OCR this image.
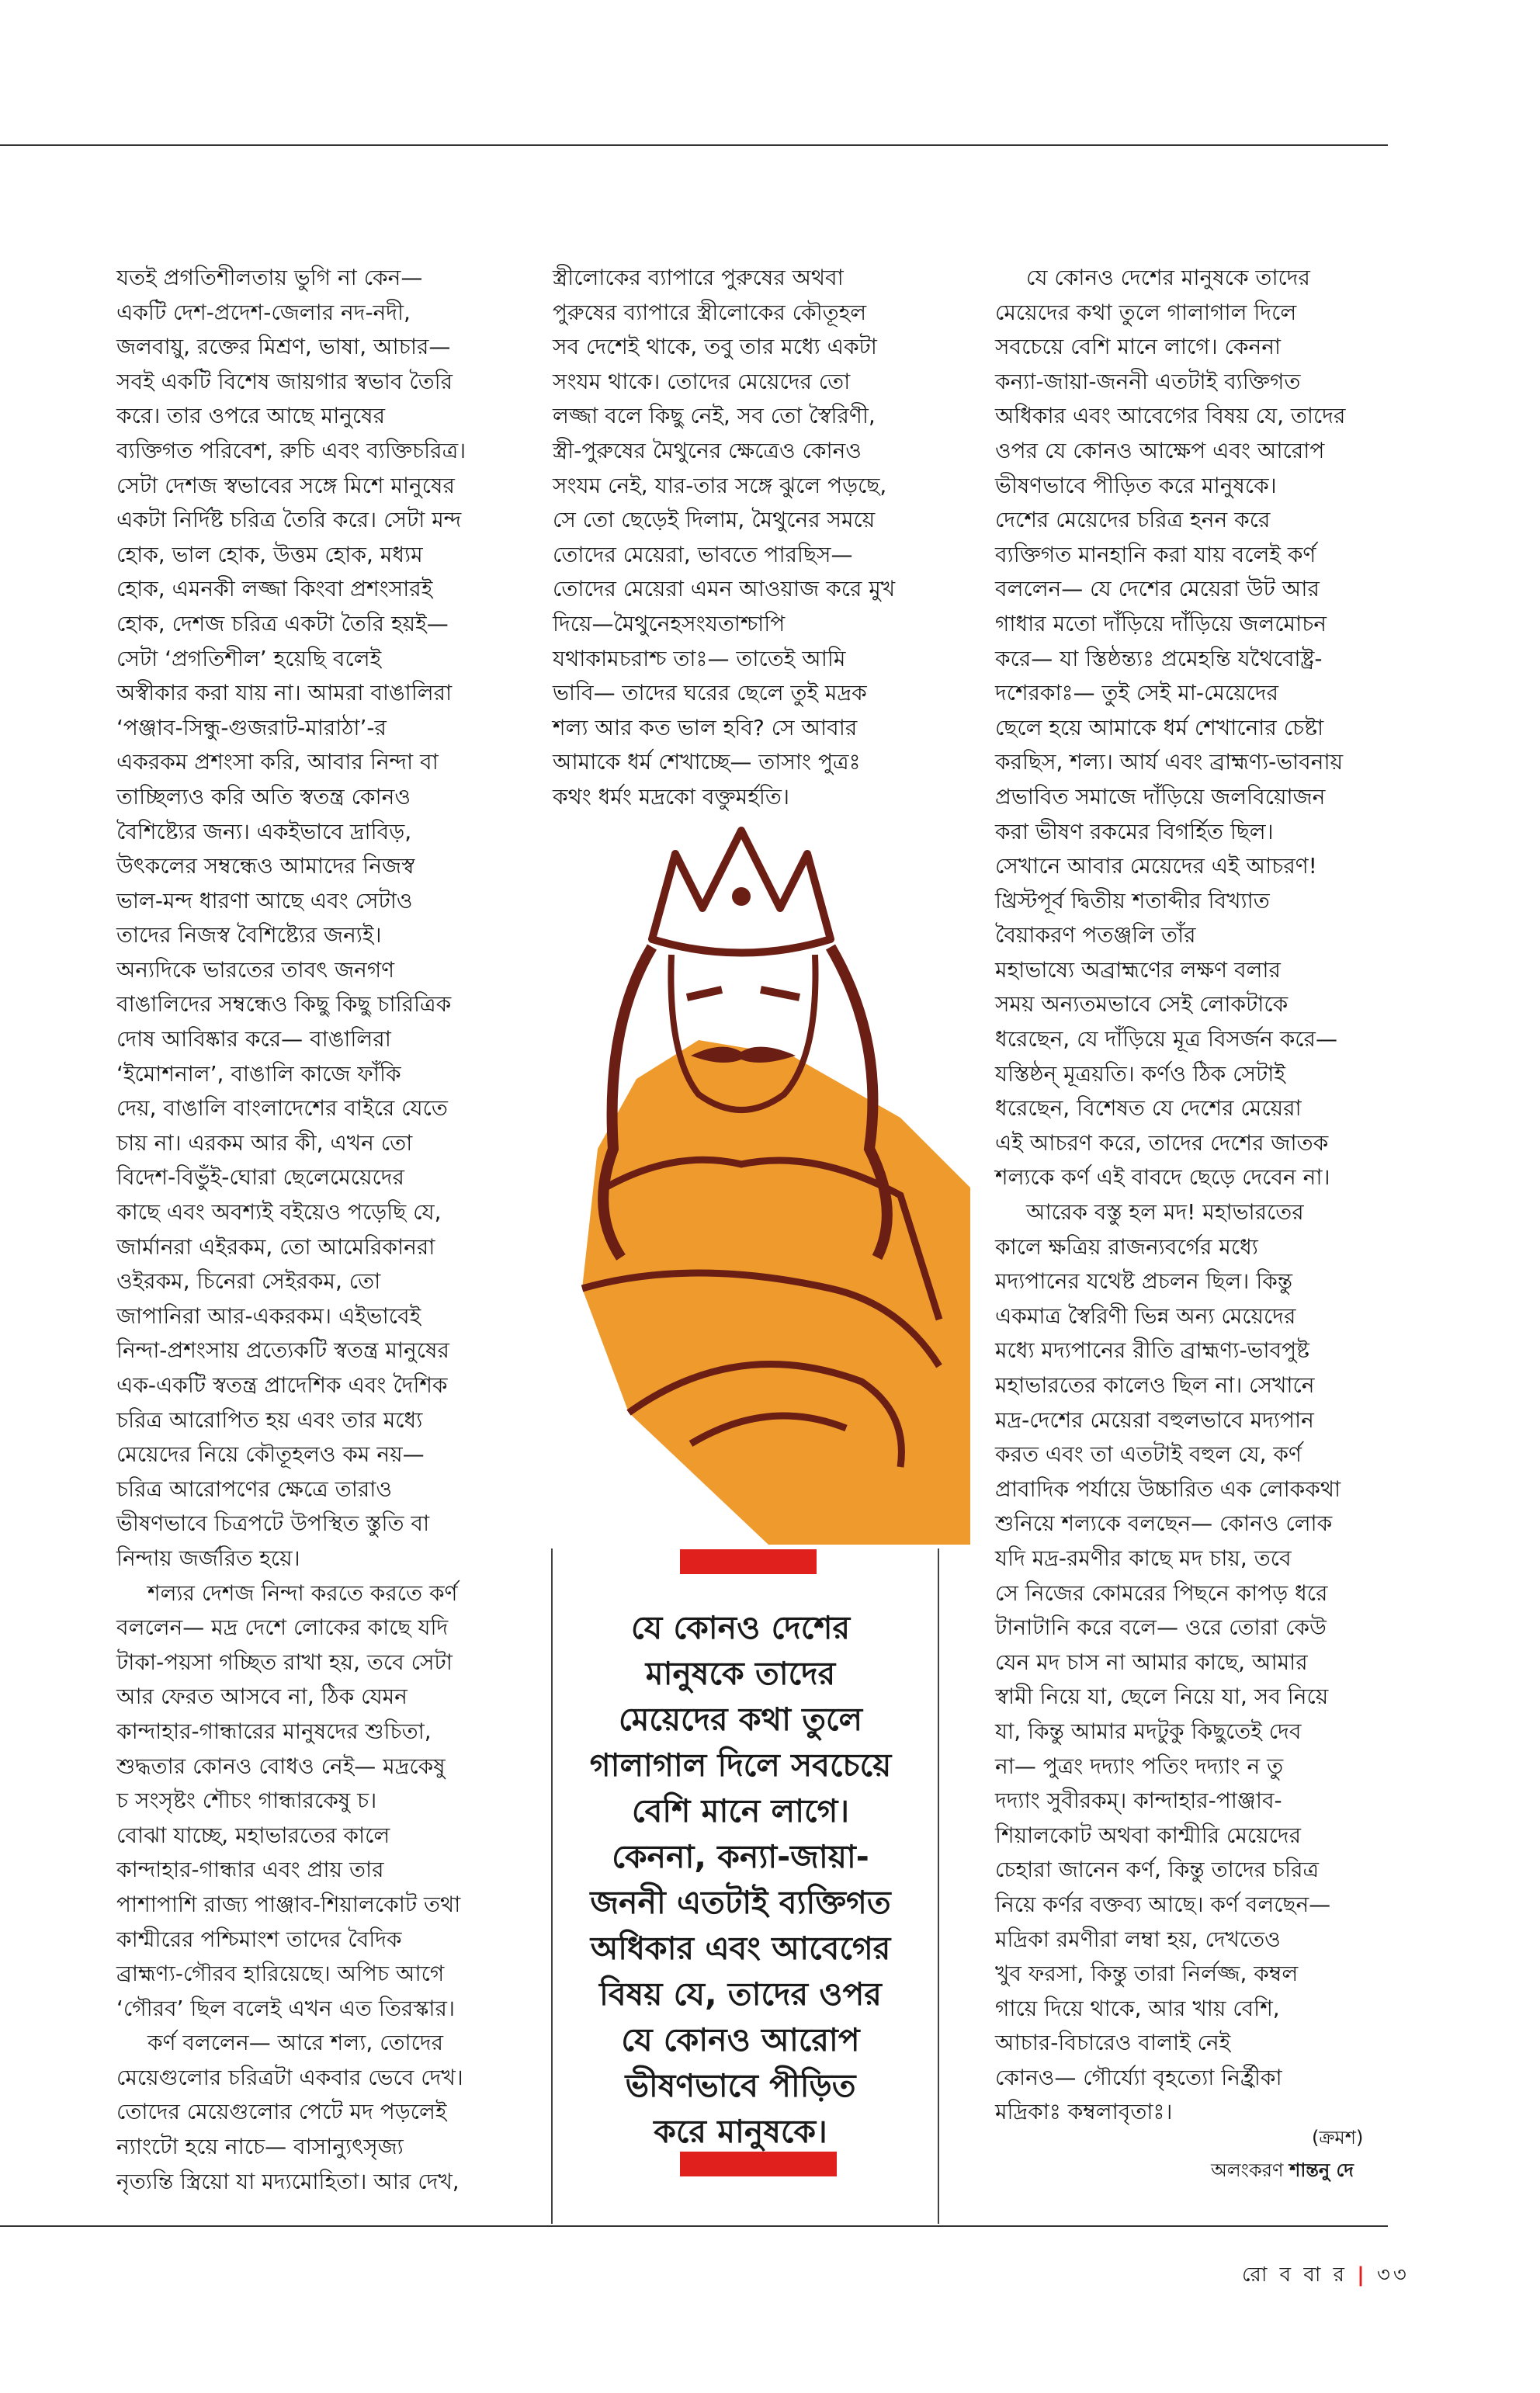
যতই প্রগতিশীলতায় ভুগি না কেন—

একটি দেশ-প্রদেশ-জেলার নদ-নদী,

জলবায়ু, রক্তের মিশ্রণ, ভাষা, আচার—

সবই একটি বিশেষ জায়গার স্বভাব তৈরি

করে। তার ওপরে আছে মানুষের

ব্যক্তিগত পরিবেশ, রুচি এবং ব্যক্তিচরিত্র।

সেটা দেশজ স্বভাবের সঙ্গে মিশে মানুষের

একটা নির্দিষ্ট চরিত্র তৈরি করে। সেটা মন্দ

হোক, ভাল হোক, উত্তম হোক, মধ্যম

হোক, এমনকী লজ্জা কিংবা প্রশংসারই

হোক, দেশজ চরিত্র একটা তৈরি হয়ই—

সেটা ‘প্রগতিশীল’ হয়েছি বলেই

অস্বীকার করা যায় না। আমরা বাঙালিরা

‘পঞ্জাব-সিন্ধু-গুজরাট-মারাঠা’-র

একরকম প্রশংসা করি, আবার নিন্দা বা

তাচ্ছিল্যও করি অতি স্বতন্ত্র কোনও

বৈশিষ্ট্যের জন্য। একইভাবে দ্রাবিড়,

উৎকলের সম্বন্ধেও আমাদের নিজস্ব

ভাল-মন্দ ধারণা আছে এবং সেটাও

তাদের নিজস্ব বৈশিষ্ট্যের জন্যই।

অন্যদিকে ভারতের তাবৎ জনগণ

বাঙালিদের সম্বন্ধেও কিছু কিছু চারিত্রিক

দোষ আবিষ্কার করে— বাঙালিরা

‘ইমোশনাল’, বাঙালি কাজে ফাঁকি

দেয়, বাঙালি বাংলাদেশের বাইরে যেতে

চায় না। এরকম আর কী, এখন তো

বিদেশ-বিভুঁই-ঘোরা ছেলেমেয়েদের

কাছে এবং অবশ্যই বইয়েও পড়েছি যে,

জার্মানরা এইরকম, তো আমেরিকানরা

ওইরকম, চিনেরা সেইরকম, তো

জাপানিরা আর-একরকম। এইভাবেই

নিন্দা-প্রশংসায় প্রত্যেকটি স্বতন্ত্র মানুষের

এক-একটি স্বতন্ত্র প্রাদেশিক এবং দৈশিক

চরিত্র আরোপিত হয় এবং তার মধ্যে

মেয়েদের নিয়ে কৌতূহলও কম নয়—

চরিত্র আরোপণের ক্ষেত্রে তারাও

ভীষণভাবে চিত্রপটে উপস্থিত স্তুতি বা

নিন্দায় জর্জরিত হয়ে।

শল্যর দেশজ নিন্দা করতে করতে কর্ণ

বললেন— মদ্র দেশে লোকের কাছে যদি

টাকা-পয়সা গচ্ছিত রাখা হয়, তবে সেটা

আর ফেরত আসবে না, ঠিক যেমন

কান্দাহার-গান্ধারের মানুষদের শুচিতা,

শুদ্ধতার কোনও বোধও নেই— মদ্রকেষু

চ সংসৃষ্টং শৌচং গান্ধারকেষু চ।

বোঝা যাচ্ছে, মহাভারতের কালে

কান্দাহার-গান্ধার এবং প্রায় তার

পাশাপাশি রাজ্য পাঞ্জাব-শিয়ালকোট তথা

কাশ্মীরের পশ্চিমাংশ তাদের বৈদিক

ব্রাহ্মণ্য-গৌরব হারিয়েছে। অপিচ আগে

‘গৌরব’ ছিল বলেই এখন এত তিরস্কার।

কর্ণ বললেন— আরে শল্য, তোদের

মেয়েগুলোর চরিত্রটা একবার ভেবে দেখ।

তোদের মেয়েগুলোর পেটে মদ পড়লেই

ন্যাংটো হয়ে নাচে— বাসান্যুৎসৃজ্য

নৃত্যন্তি স্ত্রিয়ো যা মদ্যমোহিতা। আর দেখ,

স্ত্রীলোকের ব্যাপারে পুরুষের অথবা

পুরুষের ব্যাপারে স্ত্রীলোকের কৌতূহল

সব দেশেই থাকে, তবু তার মধ্যে একটা

সংযম থাকে। তোদের মেয়েদের তো

লজ্জা বলে কিছু নেই, সব তো স্বৈরিণী,

স্ত্রী-পুরুষের মৈথুনের ক্ষেত্রেও কোনও

সংযম নেই, যার-তার সঙ্গে ঝুলে পড়ছে,

সে তো ছেড়েই দিলাম, মৈথুনের সময়ে

তোদের মেয়েরা, ভাবতে পারছিস—

তোদের মেয়েরা এমন আওয়াজ করে মুখ

দিয়ে—মৈথুনেহসংযতাশ্চাপি

যথাকামচরাশ্চ তাঃ— তাতেই আমি

ভাবি— তাদের ঘরের ছেলে তুই মদ্রক

শল্য আর কত ভাল হবি? সে আবার

আমাকে ধর্ম শেখাচ্ছে— তাসাং পুত্রঃ

কথং ধর্মং মদ্রকো বক্তুমর্হতি।

যে কোনও দেশের মানুষকে তাদের

মেয়েদের কথা তুলে গালাগাল দিলে

সবচেয়ে বেশি মানে লাগে। কেননা

কন্যা-জায়া-জননী এতটাই ব্যক্তিগত

অধিকার এবং আবেগের বিষয় যে, তাদের

ওপর যে কোনও আক্ষেপ এবং আরোপ

ভীষণভাবে পীড়িত করে মানুষকে।

দেশের মেয়েদের চরিত্র হনন করে

ব্যক্তিগত মানহানি করা যায় বলেই কর্ণ

বললেন— যে দেশের মেয়েরা উট আর

গাধার মতো দাঁড়িয়ে দাঁড়িয়ে জলমোচন

করে— যা স্তিষ্ঠন্ত্যঃ প্রমেহন্তি যথৈবোষ্ট্র-

দশেরকাঃ— তুই সেই মা-মেয়েদের

ছেলে হয়ে আমাকে ধর্ম শেখানোর চেষ্টা

করছিস, শল্য। আর্য এবং ব্রাহ্মণ্য-ভাবনায়

প্রভাবিত সমাজে দাঁড়িয়ে জলবিয়োজন

করা ভীষণ রকমের বিগর্হিত ছিল।

সেখানে আবার মেয়েদের এই আচরণ!

খ্রিস্টপূর্ব দ্বিতীয় শতাব্দীর বিখ্যাত

বৈয়াকরণ পতঞ্জলি তাঁর

মহাভাষ্যে অব্রাহ্মণের লক্ষণ বলার

সময় অন্যতমভাবে সেই লোকটাকে

ধরেছেন, যে দাঁড়িয়ে মূত্র বিসর্জন করে—

যস্তিষ্ঠন্ মূত্রয়তি। কর্ণও ঠিক সেটাই

ধরেছেন, বিশেষত যে দেশের মেয়েরা

এই আচরণ করে, তাদের দেশের জাতক

শল্যকে কর্ণ এই বাবদে ছেড়ে দেবেন না।

আরেক বস্তু হল মদ! মহাভারতের

কালে ক্ষত্রিয় রাজন্যবর্গের মধ্যে

মদ্যপানের যথেষ্ট প্রচলন ছিল। কিন্তু

একমাত্র স্বৈরিণী ভিন্ন অন্য মেয়েদের

মধ্যে মদ্যপানের রীতি ব্রাহ্মণ্য-ভাবপুষ্ট

মহাভারতের কালেও ছিল না। সেখানে

মদ্র-দেশের মেয়েরা বহুলভাবে মদ্যপান

করত এবং তা এতটাই বহুল যে, কর্ণ

প্রাবাদিক পর্যায়ে উচ্চারিত এক লোককথা

শুনিয়ে শল্যকে বলছেন— কোনও লোক

যদি মদ্র-রমণীর কাছে মদ চায়, তবে

সে নিজের কোমরের পিছনে কাপড় ধরে

টানাটানি করে বলে— ওরে তোরা কেউ

যেন মদ চাস না আমার কাছে, আমার

স্বামী নিয়ে যা, ছেলে নিয়ে যা, সব নিয়ে

যা, কিন্তু আমার মদটুকু কিছুতেই দেব

না— পুত্রং দদ্যাং পতিং দদ্যাং ন তু

দদ্যাং সুবীরকম্। কান্দাহার-পাঞ্জাব-

শিয়ালকোট অথবা কাশ্মীরি মেয়েদের

চেহারা জানেন কর্ণ, কিন্তু তাদের চরিত্র

নিয়ে কর্ণর বক্তব্য আছে। কর্ণ বলছেন—

মদ্রিকা রমণীরা লম্বা হয়, দেখতেও

খুব ফরসা, কিন্তু তারা নির্লজ্জ, কম্বল

গায়ে দিয়ে থাকে, আর খায় বেশি,

আচার-বিচারেও বালাই নেই

কোনও— গৌর্য্যো বৃহত্যো নির্হ্রীকা

মদ্রিকাঃ কম্বলাবৃতাঃ।

যে কোনও দেশের

মানুষকে তাদের

মেয়েদের কথা তুলে

গালাগাল দিলে সবচেয়ে

বেশি মানে লাগে।

কেননা, কন্যা-জায়া-

জননী এতটাই ব্যক্তিগত

অধিকার এবং আবেগের

বিষয় যে, তাদের ওপর

যে কোনও আরোপ

ভীষণভাবে পীড়িত

করে মানুষকে।	(ক্রমশ)
অলংকরণ শান্তনু দে
রো ব বা র | ৩৩
